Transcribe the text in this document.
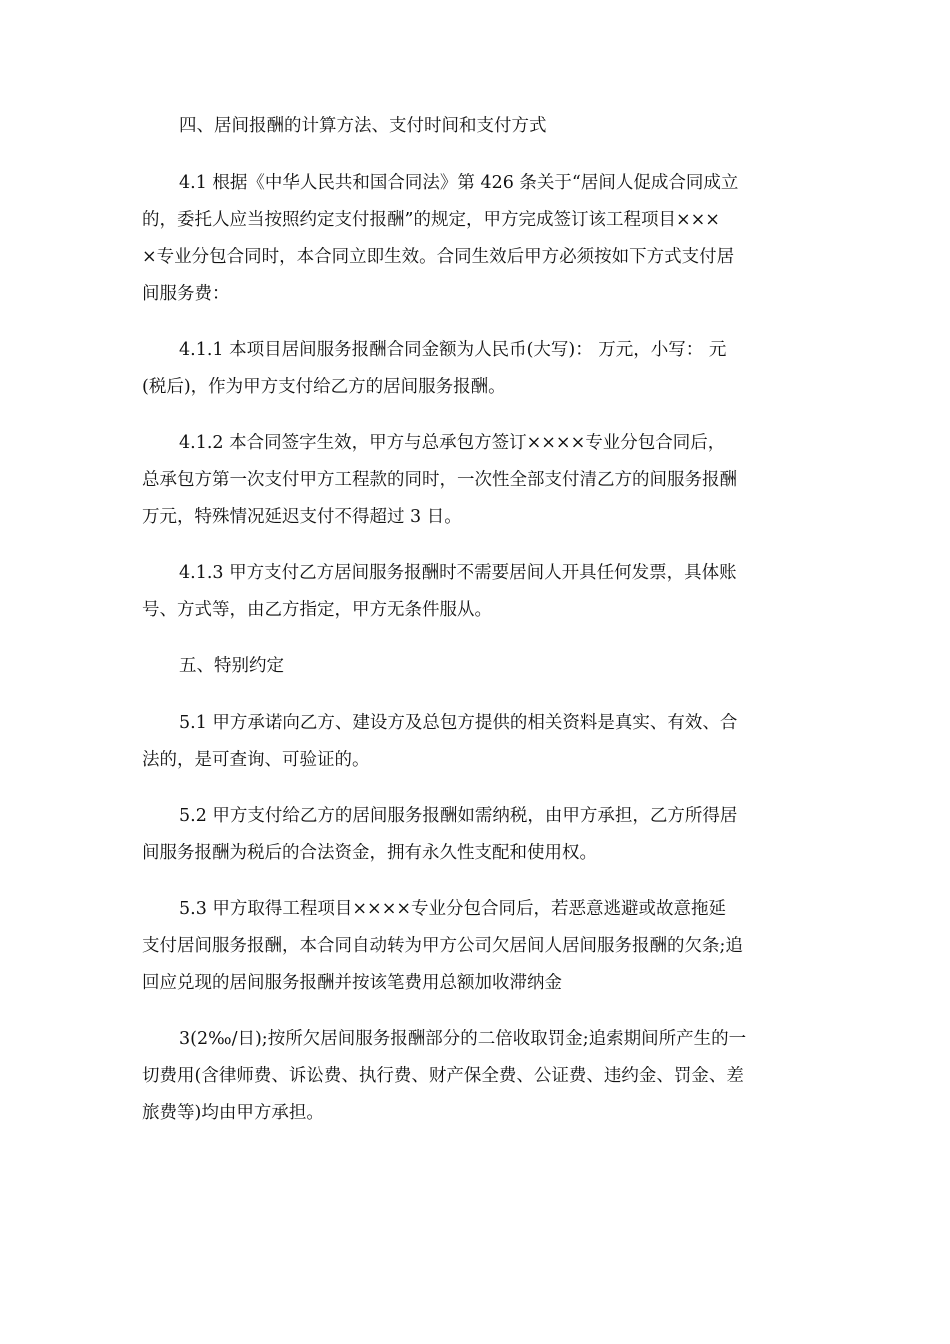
四、居间报酬的计算方法、支付时间和支付方式

4.1 根据《中华人民共和国合同法》第 426 条关于“居间人促成合同成立
的，委托人应当按照约定支付报酬”的规定，甲方完成签订该工程项目×××
×专业分包合同时，本合同立即生效。合同生效后甲方必须按如下方式支付居
间服务费：

4.1.1 本项目居间服务报酬合同金额为人民币(大写)： 万元，小写： 元
(税后)，作为甲方支付给乙方的居间服务报酬。

4.1.2 本合同签字生效，甲方与总承包方签订××××专业分包合同后，
总承包方第一次支付甲方工程款的同时，一次性全部支付清乙方的间服务报酬
万元，特殊情况延迟支付不得超过 3 日。

4.1.3 甲方支付乙方居间服务报酬时不需要居间人开具任何发票，具体账
号、方式等，由乙方指定，甲方无条件服从。

五、特别约定

5.1 甲方承诺向乙方、建设方及总包方提供的相关资料是真实、有效、合
法的，是可查询、可验证的。

5.2 甲方支付给乙方的居间服务报酬如需纳税，由甲方承担，乙方所得居
间服务报酬为税后的合法资金，拥有永久性支配和使用权。

5.3 甲方取得工程项目××××专业分包合同后，若恶意逃避或故意拖延
支付居间服务报酬，本合同自动转为甲方公司欠居间人居间服务报酬的欠条;追
回应兑现的居间服务报酬并按该笔费用总额加收滞纳金

3(2‰/日);按所欠居间服务报酬部分的二倍收取罚金;追索期间所产生的一
切费用(含律师费、诉讼费、执行费、财产保全费、公证费、违约金、罚金、差
旅费等)均由甲方承担。
